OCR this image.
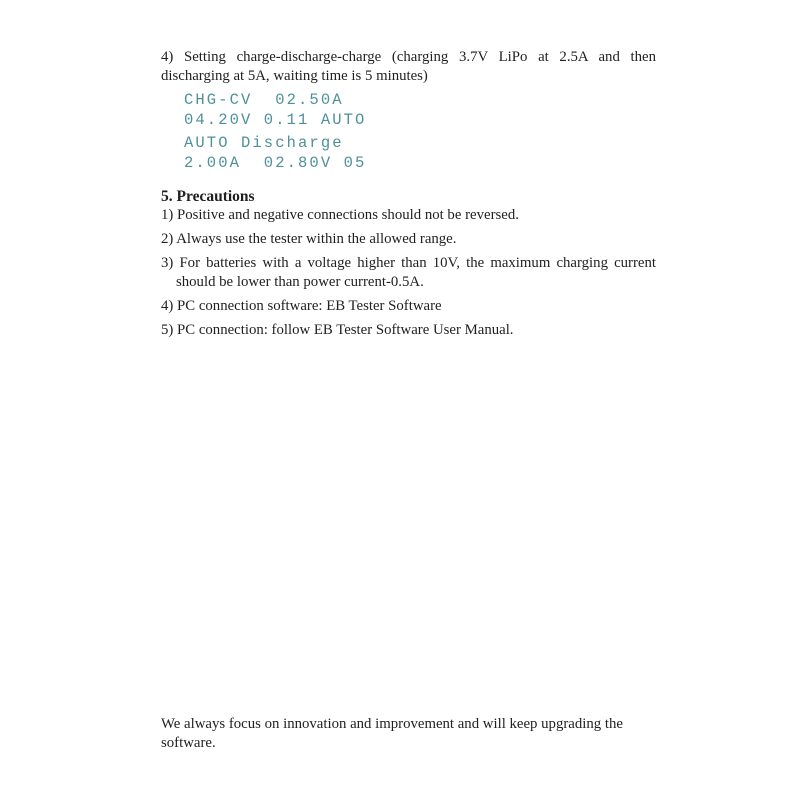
4) Setting charge-discharge-charge (charging 3.7V LiPo at 2.5A and then discharging at 5A, waiting time is 5 minutes)

CHG-CV  02.50A
04.20V 0.11 AUTO
AUTO Discharge
2.00A  02.80V 05
5. Precautions

1) Positive and negative connections should not be reversed.

2) Always use the tester within the allowed range.

3) For batteries with a voltage higher than 10V, the maximum charging current should be lower than power current-0.5A.

4) PC connection software: EB Tester Software

5) PC connection: follow EB Tester Software User Manual.

We always focus on innovation and improvement and will keep upgrading the software.
